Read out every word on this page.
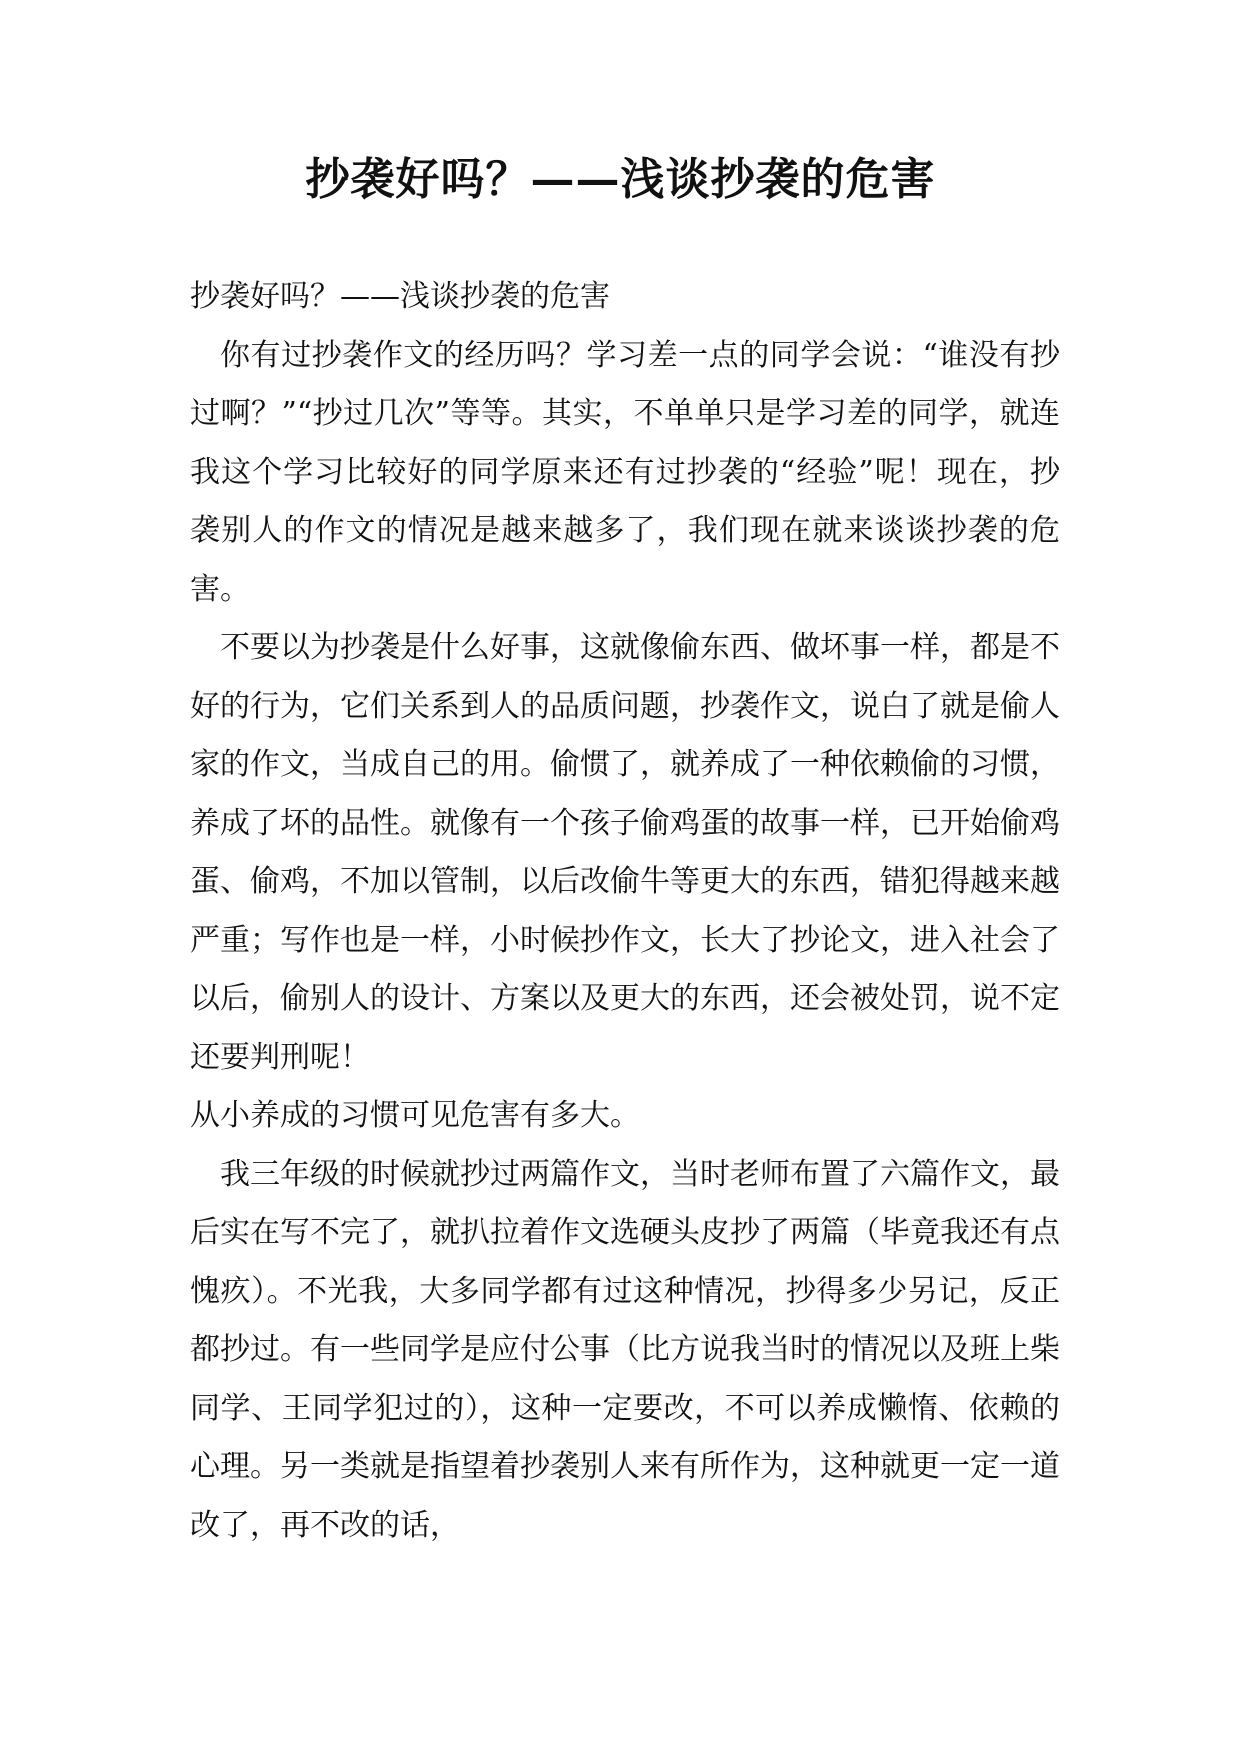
抄袭好吗？——浅谈抄袭的危害

抄袭好吗？——浅谈抄袭的危害

你有过抄袭作文的经历吗？学习差一点的同学会说：“谁没有抄过啊？”“抄过几次”等等。其实，不单单只是学习差的同学，就连我这个学习比较好的同学原来还有过抄袭的“经验”呢！现在，抄袭别人的作文的情况是越来越多了，我们现在就来谈谈抄袭的危害。

不要以为抄袭是什么好事，这就像偷东西、做坏事一样，都是不好的行为，它们关系到人的品质问题，抄袭作文，说白了就是偷人家的作文，当成自己的用。偷惯了，就养成了一种依赖偷的习惯，养成了坏的品性。就像有一个孩子偷鸡蛋的故事一样，已开始偷鸡蛋、偷鸡，不加以管制，以后改偷牛等更大的东西，错犯得越来越严重；写作也是一样，小时候抄作文，长大了抄论文，进入社会了以后，偷别人的设计、方案以及更大的东西，还会被处罚，说不定还要判刑呢！

从小养成的习惯可见危害有多大。

我三年级的时候就抄过两篇作文，当时老师布置了六篇作文，最后实在写不完了，就扒拉着作文选硬头皮抄了两篇（毕竟我还有点愧疚）。不光我，大多同学都有过这种情况，抄得多少另记，反正都抄过。有一些同学是应付公事（比方说我当时的情况以及班上柴同学、王同学犯过的），这种一定要改，不可以养成懒惰、依赖的心理。另一类就是指望着抄袭别人来有所作为，这种就更一定一道改了，再不改的话，
